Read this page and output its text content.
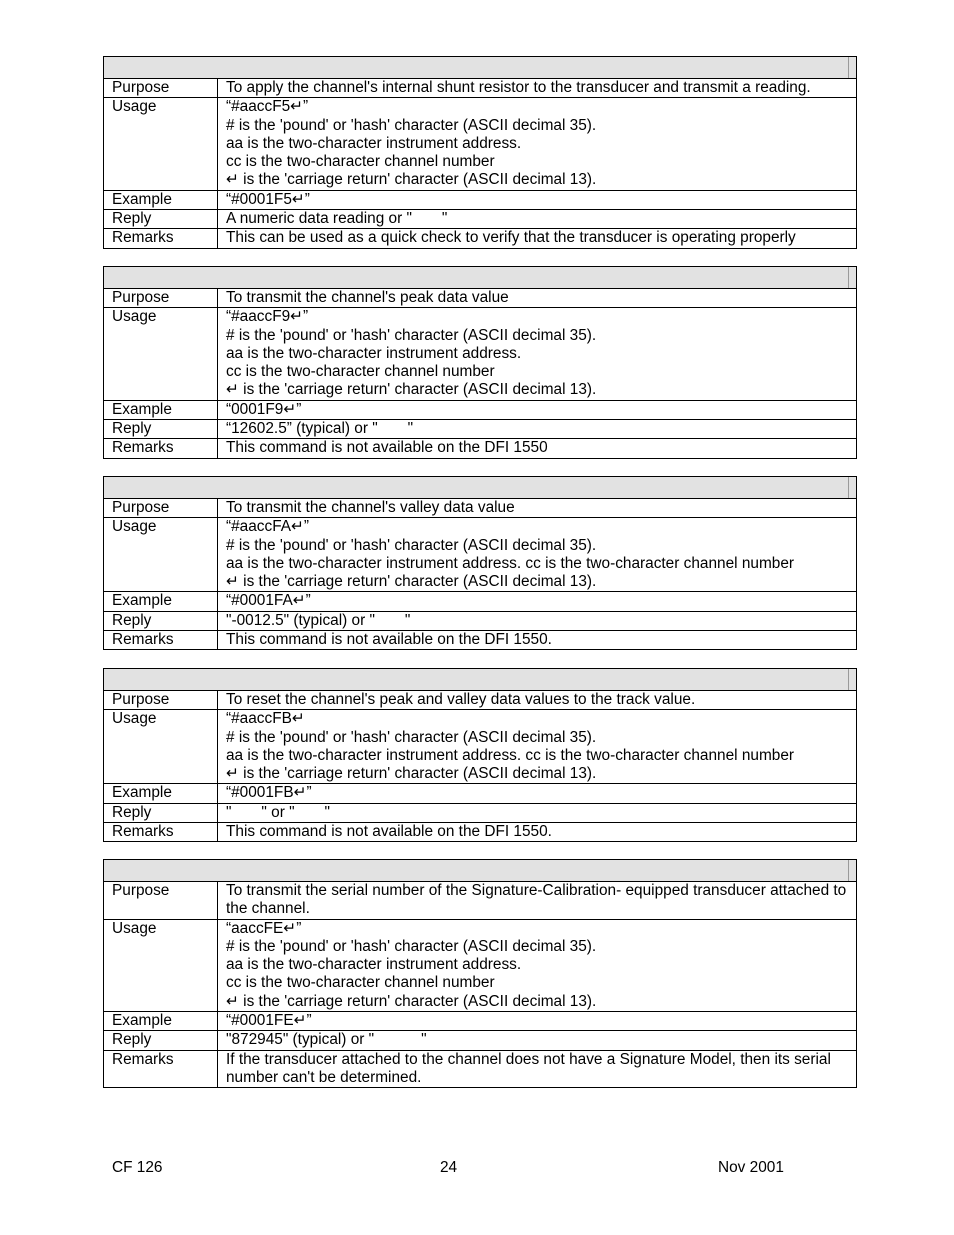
Purpose	To apply the channel's internal shunt resistor to the transducer and transmit a reading.
Usage	“#aaccF5↵”
# is the 'pound' or 'hash' character (ASCII decimal 35).
aa is the two-character instrument address.
cc is the two-character channel number
↵ is the 'carriage return' character (ASCII decimal 13).

Example	“#0001F5↵”
Reply	A numeric data reading or "       "
Remarks	This can be used as a quick check to verify that the transducer is operating properly

Purpose	To transmit the channel's peak data value
Usage	“#aaccF9↵”
# is the 'pound' or 'hash' character (ASCII decimal 35).
aa is the two-character instrument address.
cc is the two-character channel number
↵ is the 'carriage return' character (ASCII decimal 13).

Example	“0001F9↵”
Reply	“12602.5” (typical) or "       "
Remarks	This command is not available on the DFI 1550

Purpose	To transmit the channel's valley data value
Usage	“#aaccFA↵”
# is the 'pound' or 'hash' character (ASCII decimal 35).
aa is the two-character instrument address. cc is the two-character channel number
↵ is the 'carriage return' character (ASCII decimal 13).

Example	“#0001FA↵”
Reply	"-0012.5" (typical) or "       "
Remarks	This command is not available on the DFI 1550.

Purpose	To reset the channel's peak and valley data values to the track value.
Usage	“#aaccFB↵
# is the 'pound' or 'hash' character (ASCII decimal 35).
aa is the two-character instrument address. cc is the two-character channel number
↵ is the 'carriage return' character (ASCII decimal 13).

Example	“#0001FB↵”
Reply	"       " or "       "
Remarks	This command is not available on the DFI 1550.

Purpose	To transmit the serial number of the Signature-Calibration- equipped transducer attached to the channel.
Usage	“aaccFE↵”
# is the 'pound' or 'hash' character (ASCII decimal 35).
aa is the two-character instrument address.
cc is the two-character channel number
↵ is the 'carriage return' character (ASCII decimal 13).

Example	“#0001FE↵”
Reply	"872945" (typical) or "           "
Remarks	If the transducer attached to the channel does not have a Signature Model, then its serial number can't be determined.
CF 126	24	Nov 2001
